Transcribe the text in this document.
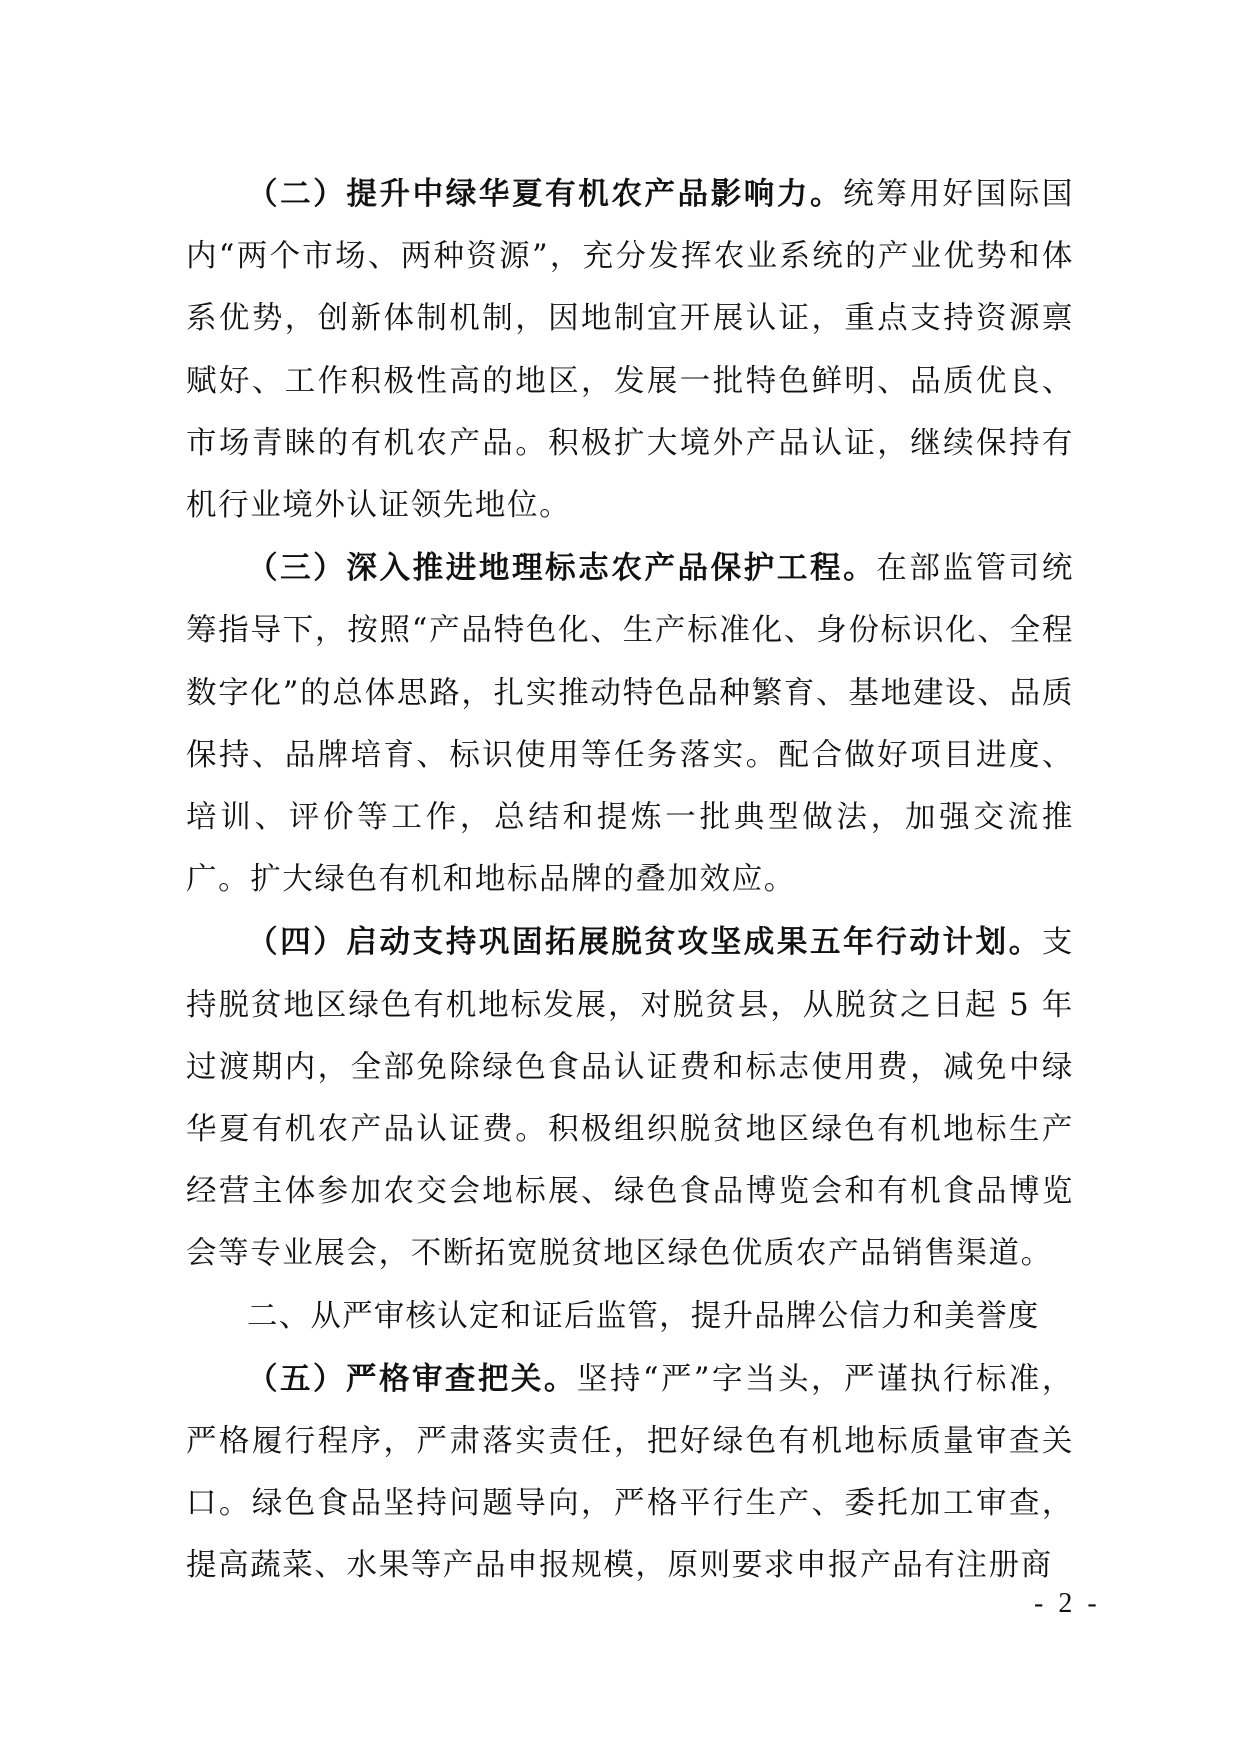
（二）提升中绿华夏有机农产品影响力。统筹用好国际国内“两个市场、两种资源”，充分发挥农业系统的产业优势和体系优势，创新体制机制，因地制宜开展认证，重点支持资源禀赋好、工作积极性高的地区，发展一批特色鲜明、品质优良、市场青睐的有机农产品。积极扩大境外产品认证，继续保持有机行业境外认证领先地位。

（三）深入推进地理标志农产品保护工程。在部监管司统筹指导下，按照“产品特色化、生产标准化、身份标识化、全程数字化”的总体思路，扎实推动特色品种繁育、基地建设、品质保持、品牌培育、标识使用等任务落实。配合做好项目进度、培训、评价等工作，总结和提炼一批典型做法，加强交流推广。扩大绿色有机和地标品牌的叠加效应。

（四）启动支持巩固拓展脱贫攻坚成果五年行动计划。支持脱贫地区绿色有机地标发展，对脱贫县，从脱贫之日起 5 年过渡期内，全部免除绿色食品认证费和标志使用费，减免中绿华夏有机农产品认证费。积极组织脱贫地区绿色有机地标生产经营主体参加农交会地标展、绿色食品博览会和有机食品博览会等专业展会，不断拓宽脱贫地区绿色优质农产品销售渠道。

二、从严审核认定和证后监管，提升品牌公信力和美誉度

（五）严格审查把关。坚持“严”字当头，严谨执行标准，严格履行程序，严肃落实责任，把好绿色有机地标质量审查关口。绿色食品坚持问题导向，严格平行生产、委托加工审查，提高蔬菜、水果等产品申报规模，原则要求申报产品有注册商

- 2 -
